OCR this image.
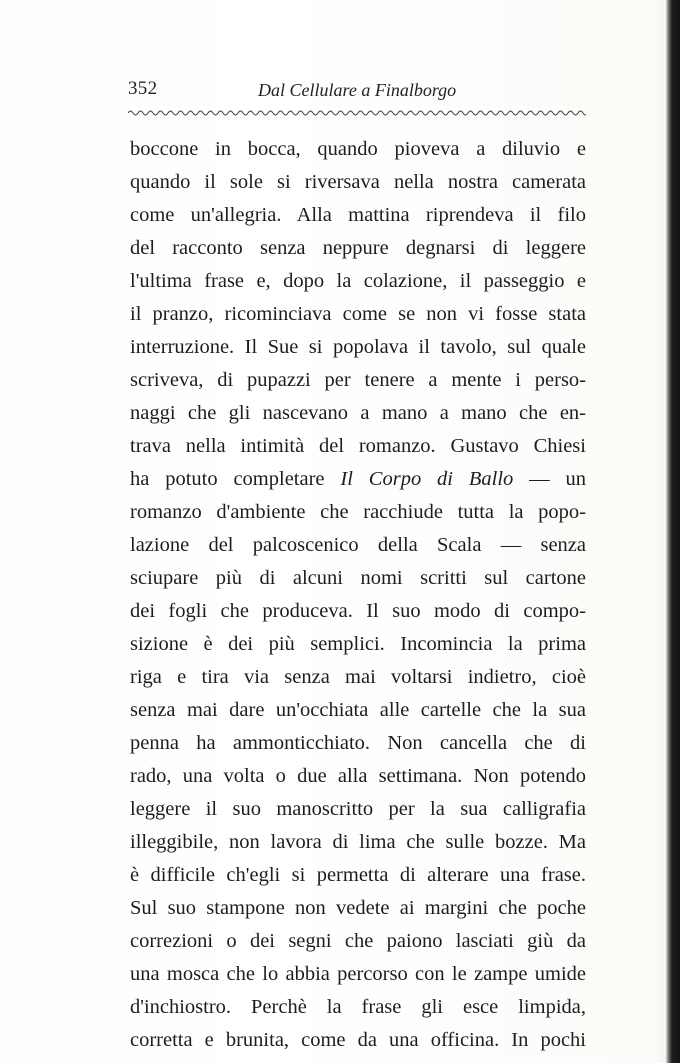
352	Dal Cellulare a Finalborgo
boccone in bocca, quando pioveva a diluvio e
quando il sole si riversava nella nostra camerata
come un'allegria. Alla mattina riprendeva il filo
del racconto senza neppure degnarsi di leggere
l'ultima frase e, dopo la colazione, il passeggio e
il pranzo, ricominciava come se non vi fosse stata
interruzione. Il Sue si popolava il tavolo, sul quale
scriveva, di pupazzi per tenere a mente i perso-
naggi che gli nascevano a mano a mano che en-
trava nella intimità del romanzo. Gustavo Chiesi
ha potuto completare Il Corpo di Ballo — un
romanzo d'ambiente che racchiude tutta la popo-
lazione del palcoscenico della Scala — senza
sciupare più di alcuni nomi scritti sul cartone
dei fogli che produceva. Il suo modo di compo-
sizione è dei più semplici. Incomincia la prima
riga e tira via senza mai voltarsi indietro, cioè
senza mai dare un'occhiata alle cartelle che la sua
penna ha ammonticchiato. Non cancella che di
rado, una volta o due alla settimana. Non potendo
leggere il suo manoscritto per la sua calligrafia
illeggibile, non lavora di lima che sulle bozze. Ma
è difficile ch'egli si permetta di alterare una frase.
Sul suo stampone non vedete ai margini che poche
correzioni o dei segni che paiono lasciati giù da
una mosca che lo abbia percorso con le zampe umide
d'inchiostro. Perchè la frase gli esce limpida,
corretta e brunita, come da una officina. In pochi
